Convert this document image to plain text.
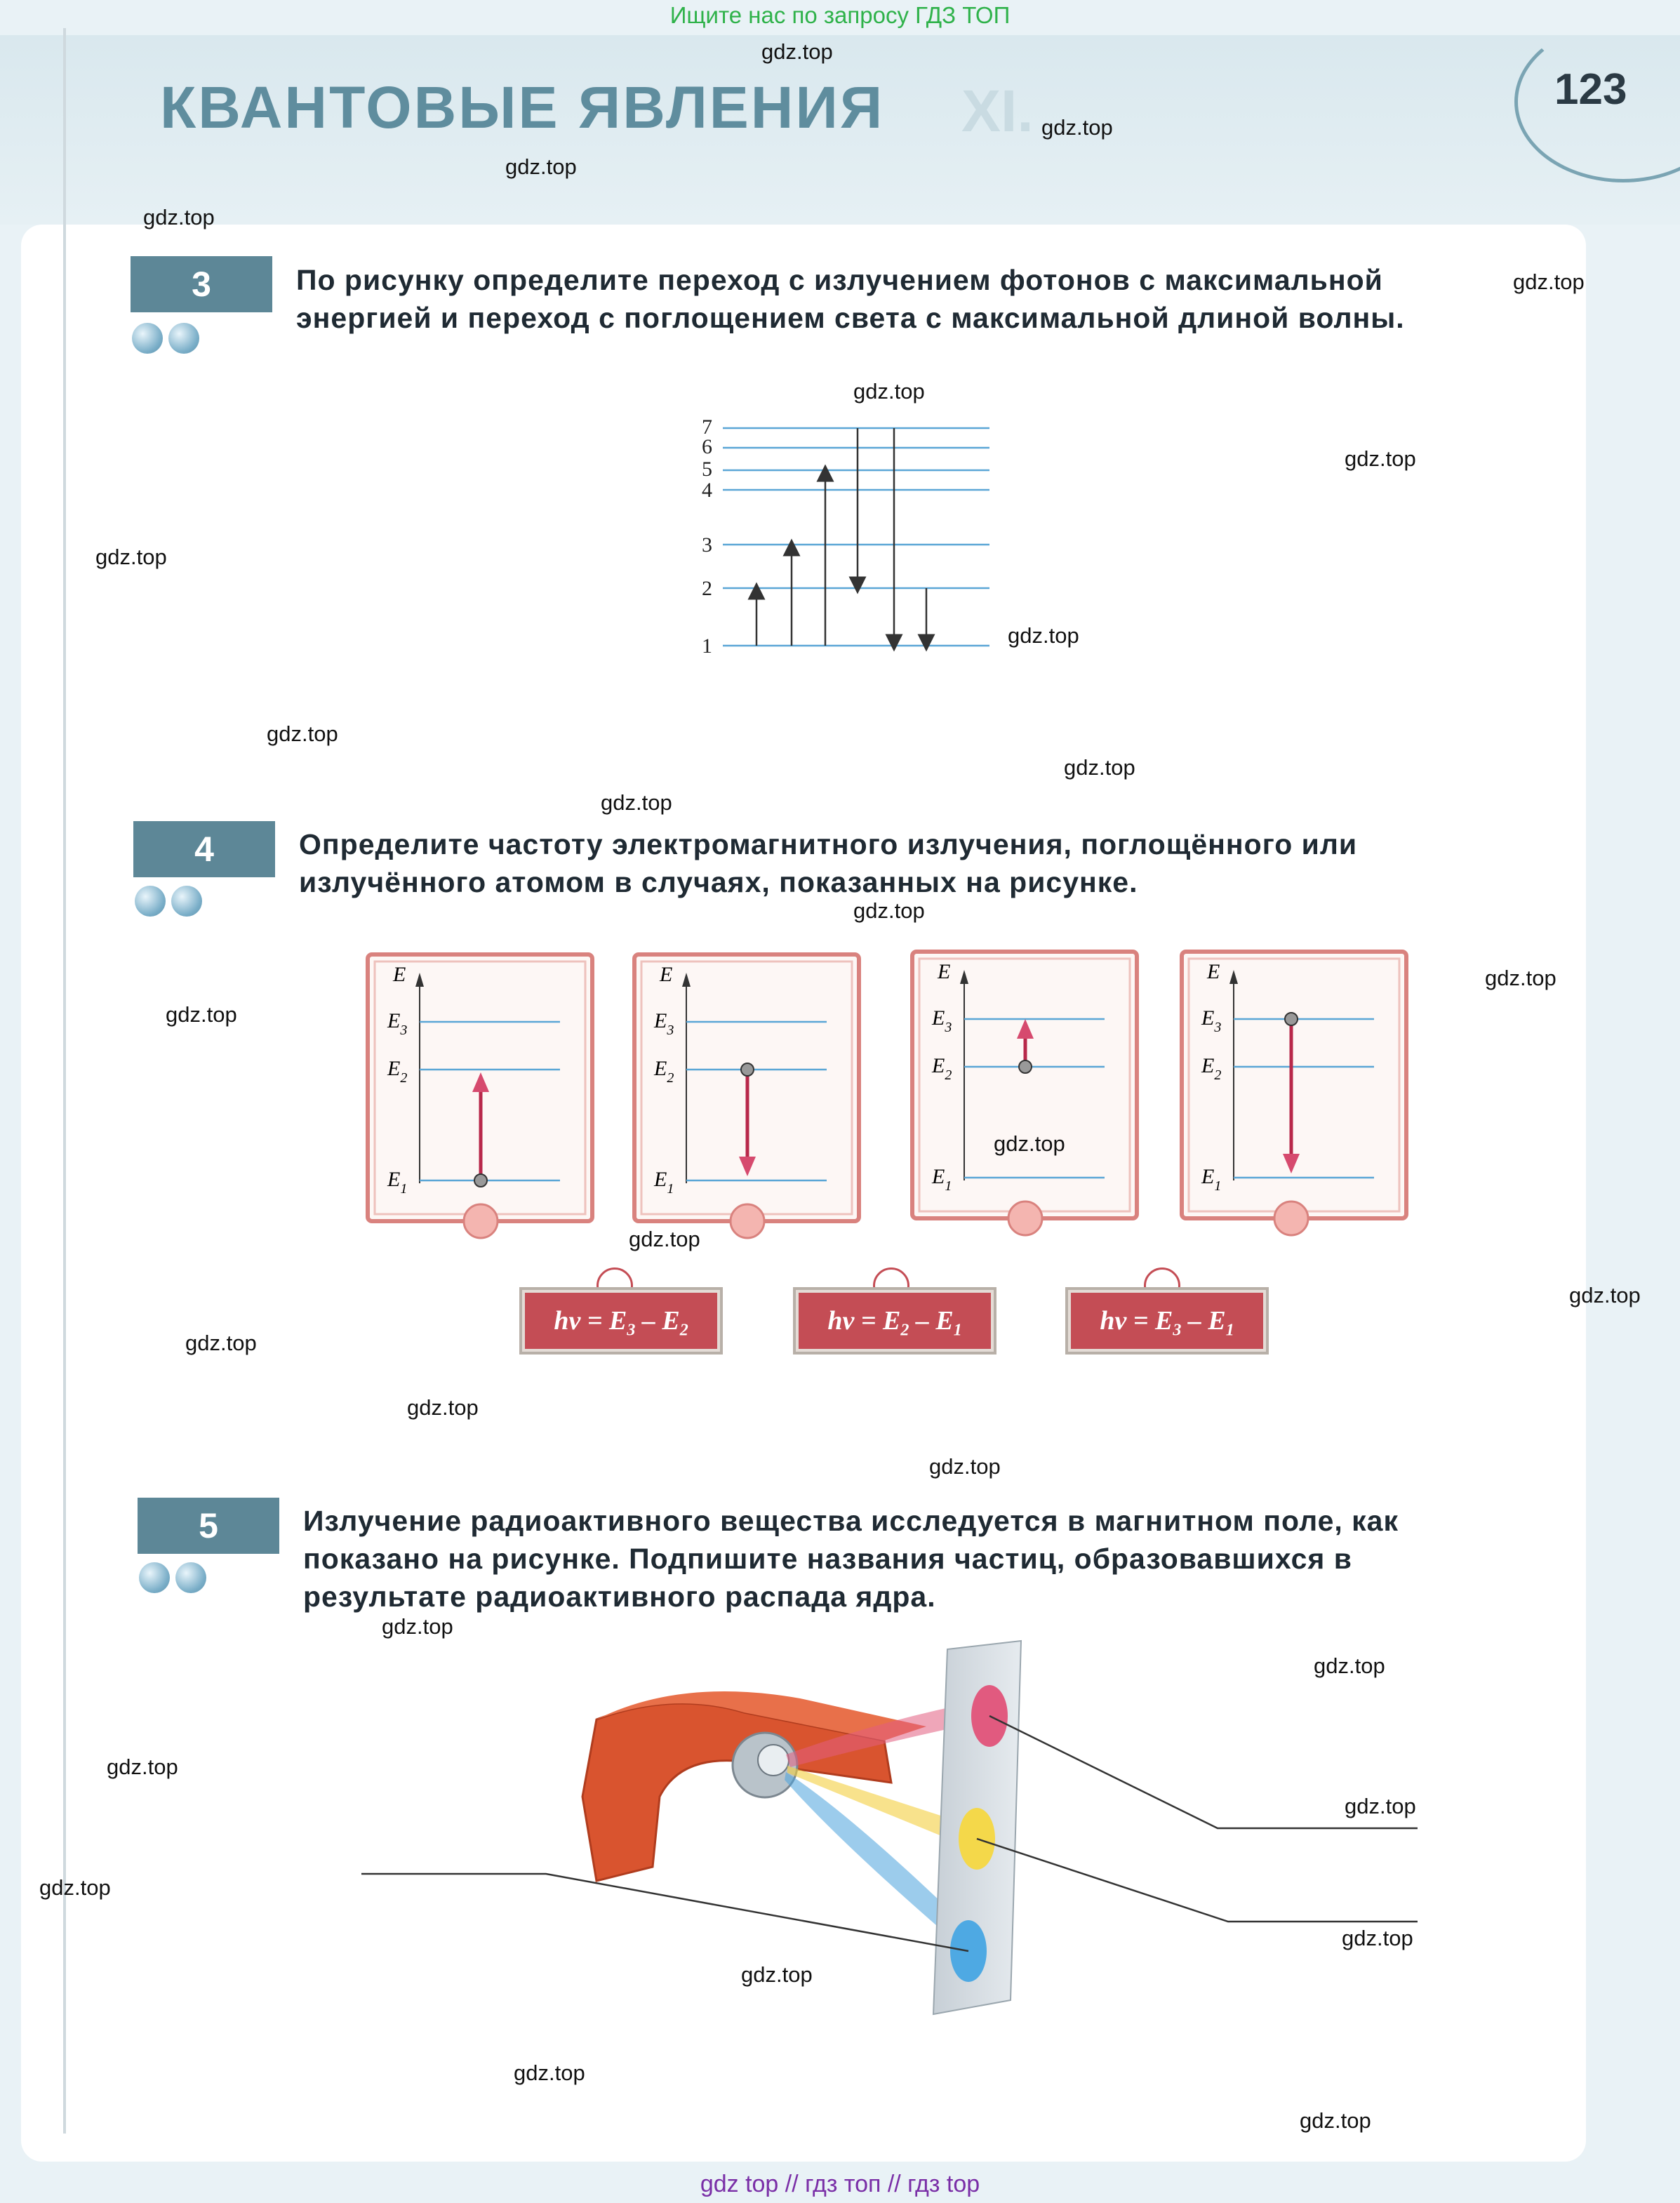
Ищите нас по запросу ГДЗ ТОП
КВАНТОВЫЕ ЯВЛЕНИЯ XI.	123
3	По рисунку определите переход с излучением фотонов с максимальной энергией и переход с поглощением света с максимальной длиной волны.
1
2
3
4
5
6
7
4	Определите частоту электромагнитного излучения, поглощённого или излучённого атомом в случаях, показанных на рисунке.
E
$E_3$
$E_2$
$E_1$
E
$E_3$
$E_2$
$E_1$
E
$E_3$
$E_2$
$E_1$
E
$E_3$
$E_2$
$E_1$
$h\nu = E_3 - E_2$	$h\nu = E_2 - E_1$	$h\nu = E_3 - E_1$
5	Излучение радиоактивного вещества исследуется в магнитном поле, как показано на рисунке. Подпишите названия частиц, образовавшихся в результате радиоактивного распада ядра.
S
gdz.top
gdz.top
gdz.top
gdz.top
gdz.top
gdz.top
gdz.top
gdz.top
gdz.top
gdz.top
gdz.top
gdz.top
gdz.top
gdz.top
gdz.top
gdz.top
gdz.top
gdz.top
gdz.top
gdz.top
gdz.top
gdz.top
gdz.top
gdz.top
gdz.top
gdz.top
gdz.top
gdz.top
gdz.top
gdz.top
gdz top // гдз топ // гдз top
